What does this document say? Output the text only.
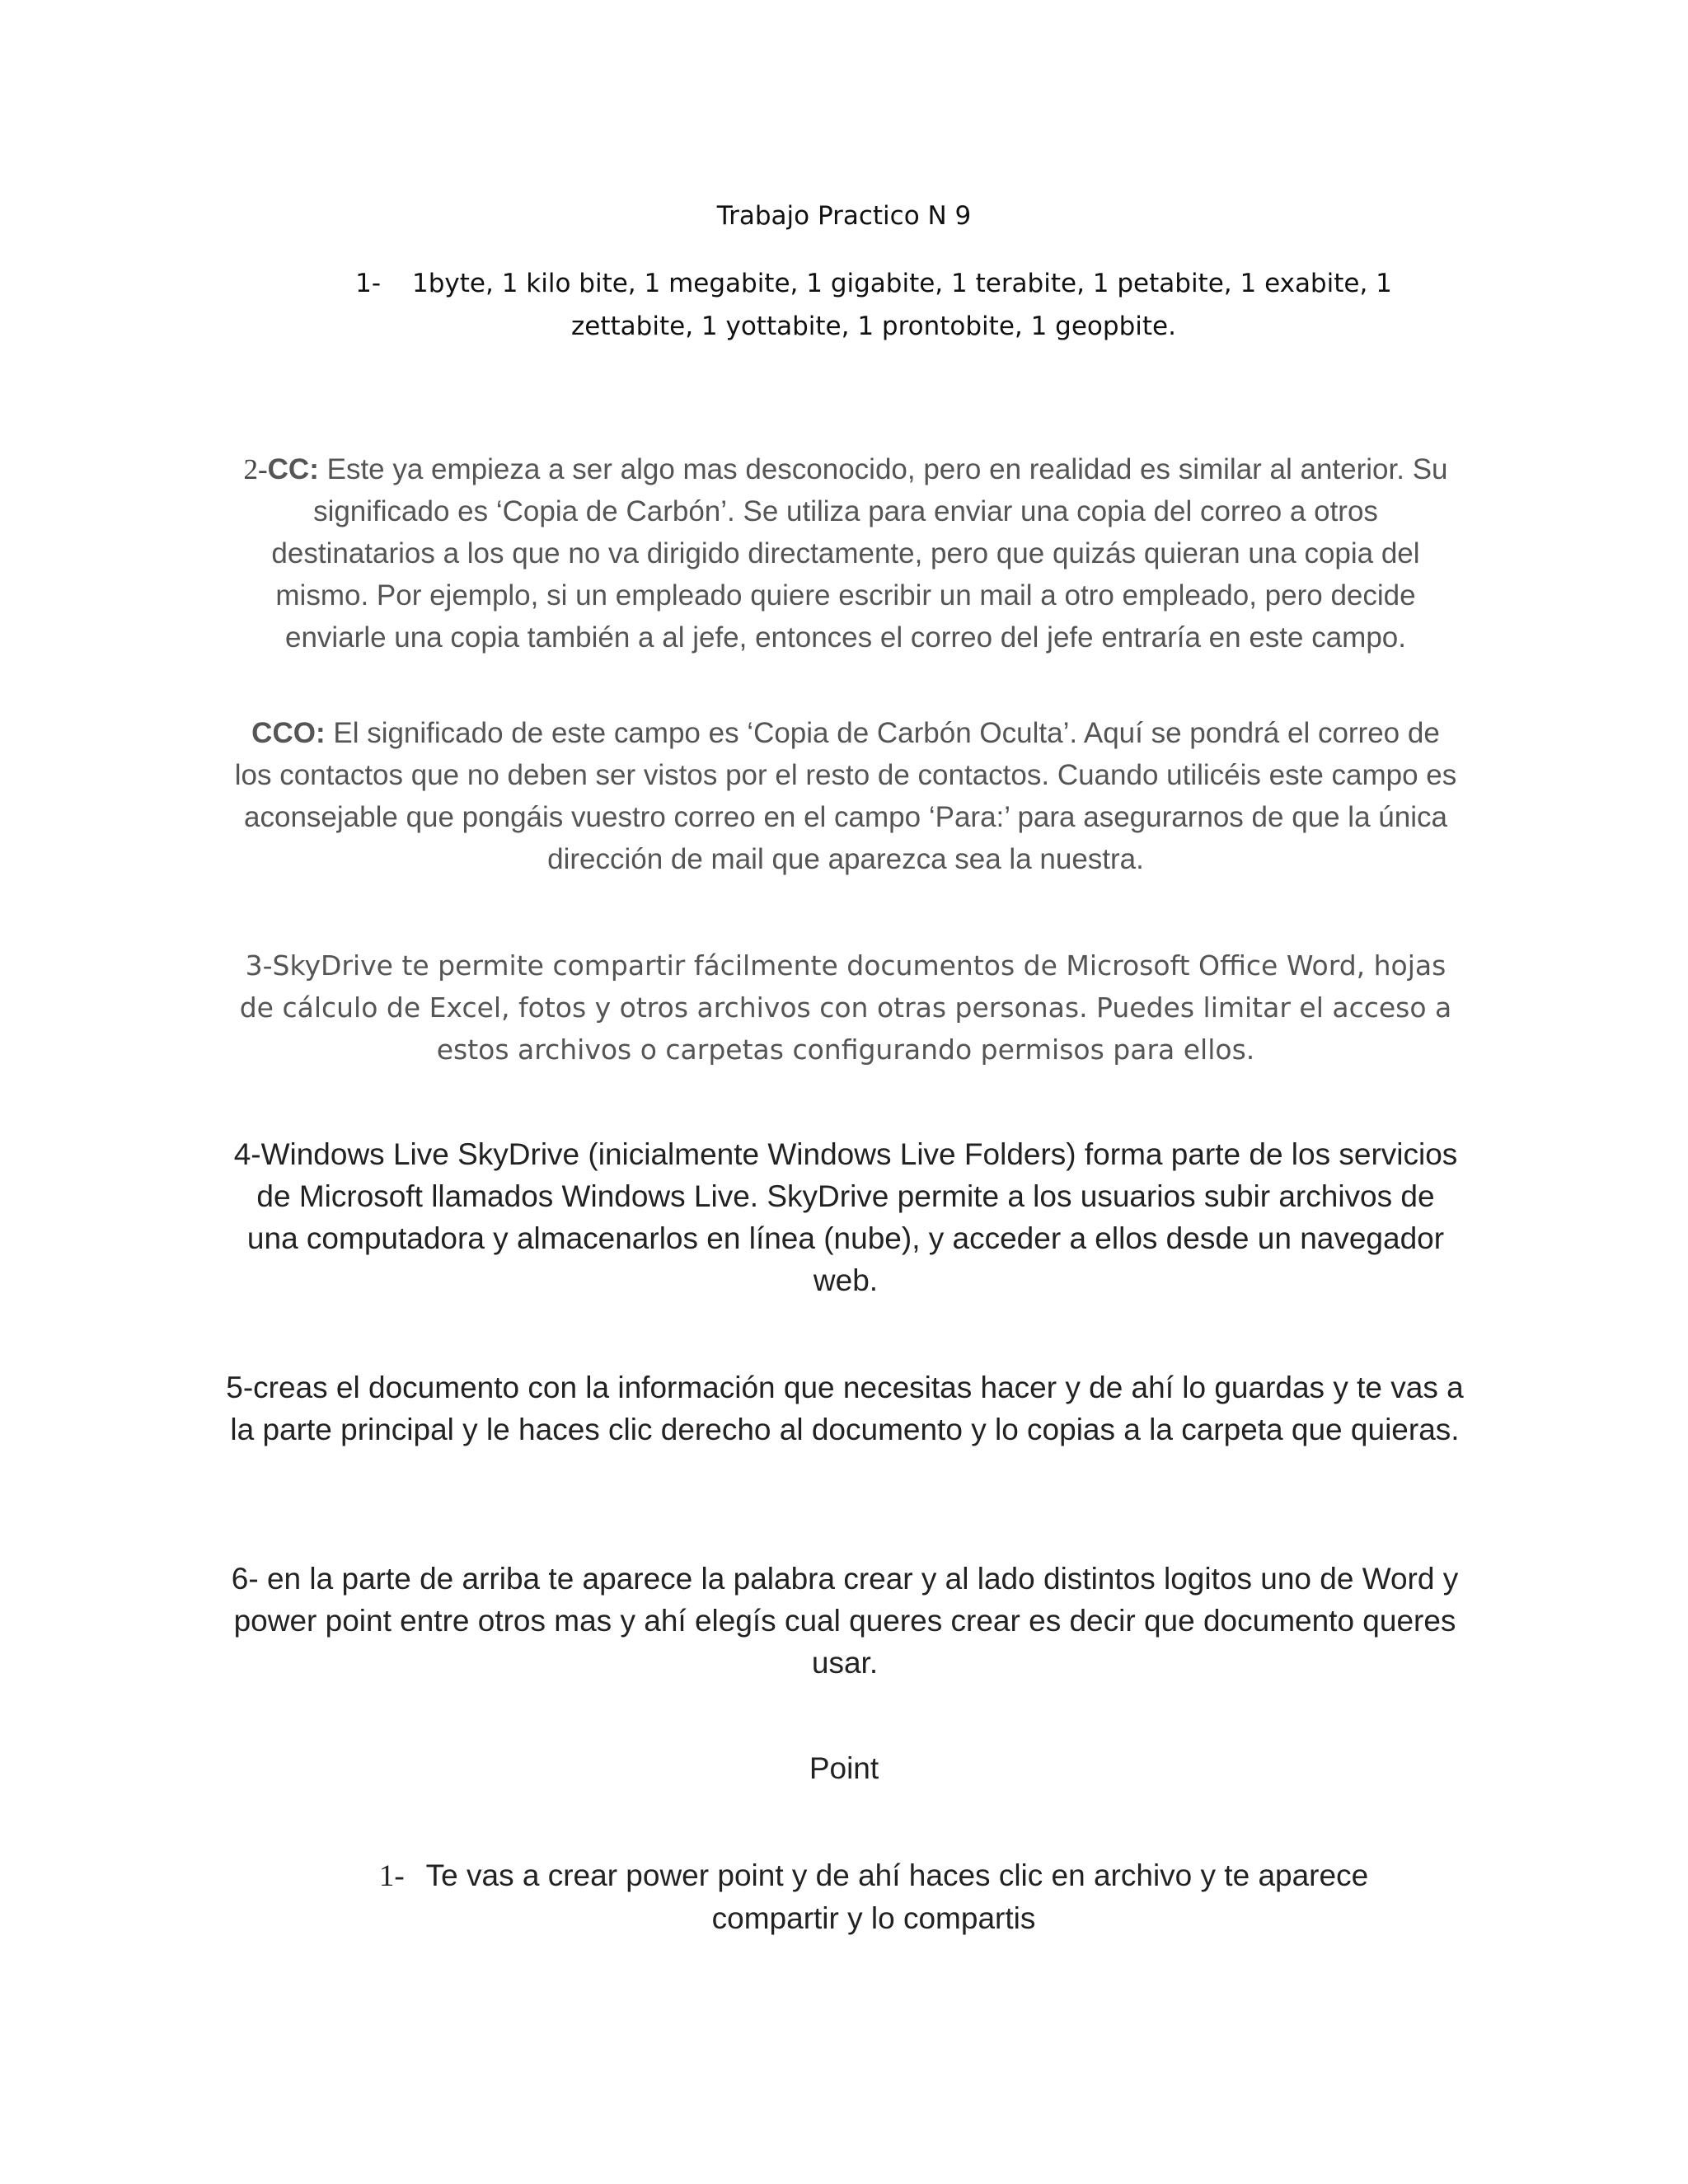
Trabajo Practico N 9

1- 1byte, 1 kilo bite, 1 megabite, 1 gigabite, 1 terabite, 1 petabite, 1 exabite, 1 zettabite, 1 yottabite, 1 prontobite, 1 geopbite.

2-CC: Este ya empieza a ser algo mas desconocido, pero en realidad es similar al anterior. Su significado es ‘Copia de Carbón’. Se utiliza para enviar una copia del correo a otros destinatarios a los que no va dirigido directamente, pero que quizás quieran una copia del mismo. Por ejemplo, si un empleado quiere escribir un mail a otro empleado, pero decide enviarle una copia también a al jefe, entonces el correo del jefe entraría en este campo.

CCO: El significado de este campo es ‘Copia de Carbón Oculta’. Aquí se pondrá el correo de los contactos que no deben ser vistos por el resto de contactos. Cuando utilicéis este campo es aconsejable que pongáis vuestro correo en el campo ‘Para:’ para asegurarnos de que la única dirección de mail que aparezca sea la nuestra.

3-SkyDrive te permite compartir fácilmente documentos de Microsoft Office Word, hojas de cálculo de Excel, fotos y otros archivos con otras personas. Puedes limitar el acceso a estos archivos o carpetas configurando permisos para ellos.

4-Windows Live SkyDrive (inicialmente Windows Live Folders) forma parte de los servicios de Microsoft llamados Windows Live. SkyDrive permite a los usuarios subir archivos de una computadora y almacenarlos en línea (nube), y acceder a ellos desde un navegador web.

5-creas el documento con la información que necesitas hacer y de ahí lo guardas y te vas a la parte principal y le haces clic derecho al documento y lo copias a la carpeta que quieras.

6- en la parte de arriba te aparece la palabra crear y al lado distintos logitos uno de Word y power point entre otros mas y ahí elegís cual queres crear es decir que documento queres usar.

Point

1- Te vas a crear power point y de ahí haces clic en archivo y te aparece compartir y lo compartis
